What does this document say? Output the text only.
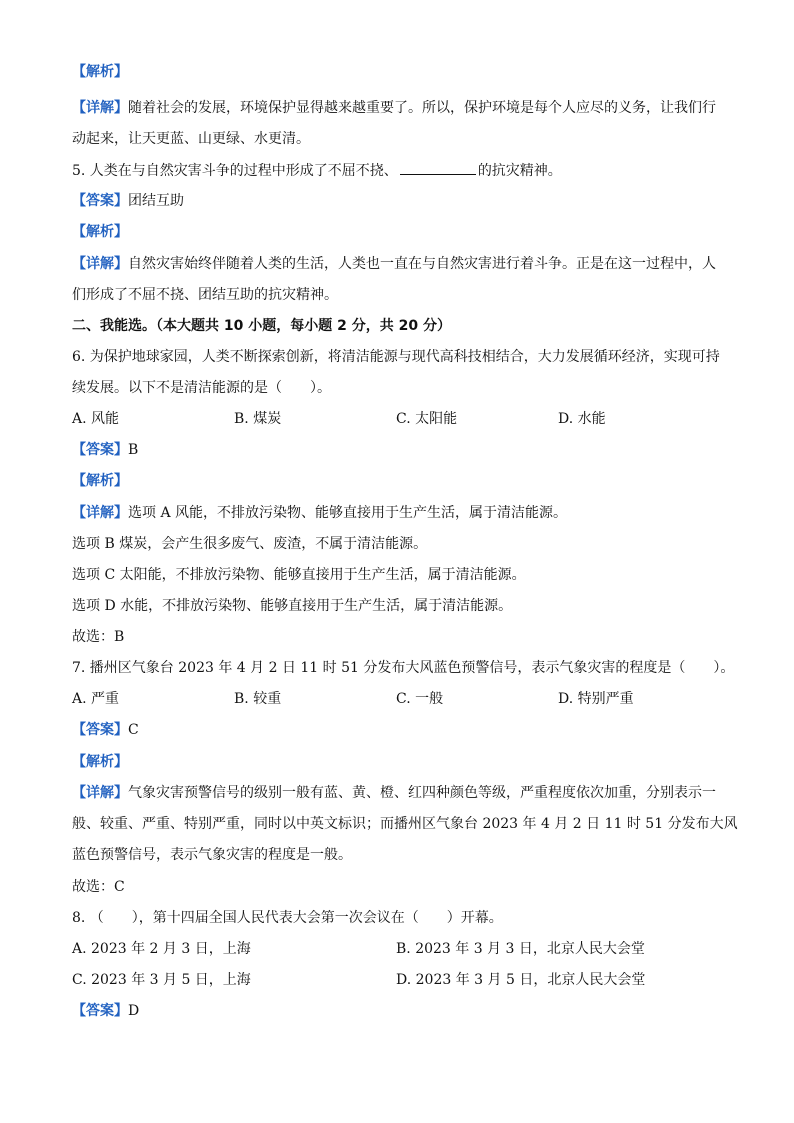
【解析】
【详解】随着社会的发展，环境保护显得越来越重要了。所以，保护环境是每个人应尽的义务，让我们行
动起来，让天更蓝、山更绿、水更清。
5. 人类在与自然灾害斗争的过程中形成了不屈不挠、	的抗灾精神。
【答案】团结互助
【解析】
【详解】自然灾害始终伴随着人类的生活，人类也一直在与自然灾害进行着斗争。正是在这一过程中，人
们形成了不屈不挠、团结互助的抗灾精神。
二、我能选。（本大题共 10 小题，每小题 2 分，共 20 分）
6. 为保护地球家园，人类不断探索创新，将清洁能源与现代高科技相结合，大力发展循环经济，实现可持
续发展。以下不是清洁能源的是（　　）。
A. 风能	B. 煤炭	C. 太阳能	D. 水能
【答案】B
【解析】
【详解】选项 A 风能，不排放污染物、能够直接用于生产生活，属于清洁能源。
选项 B 煤炭，会产生很多废气、废渣，不属于清洁能源。
选项 C 太阳能，不排放污染物、能够直接用于生产生活，属于清洁能源。
选项 D 水能，不排放污染物、能够直接用于生产生活，属于清洁能源。
故选：B
7. 播州区气象台 2023 年 4 月 2 日 11 时 51 分发布大风蓝色预警信号，表示气象灾害的程度是（　　）。
A. 严重	B. 较重	C. 一般	D. 特别严重
【答案】C
【解析】
【详解】气象灾害预警信号的级别一般有蓝、黄、橙、红四种颜色等级，严重程度依次加重，分别表示一
般、较重、严重、特别严重，同时以中英文标识；而播州区气象台 2023 年 4 月 2 日 11 时 51 分发布大风
蓝色预警信号，表示气象灾害的程度是一般。
故选：C
8. （　　），第十四届全国人民代表大会第一次会议在（　　）开幕。
A. 2023 年 2 月 3 日，上海	B. 2023 年 3 月 3 日，北京人民大会堂
C. 2023 年 3 月 5 日，上海	D. 2023 年 3 月 5 日，北京人民大会堂
【答案】D
